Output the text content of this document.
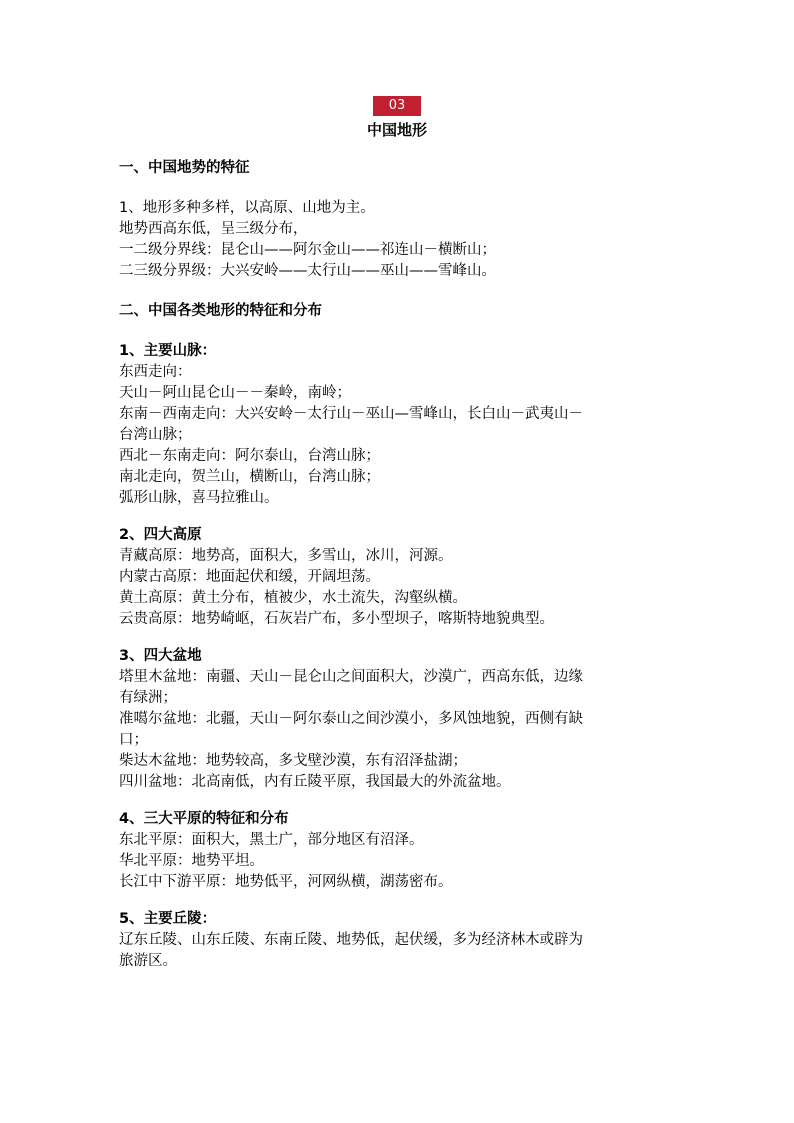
03
中国地形

一、中国地势的特征

1、地形多种多样，以高原、山地为主。

地势西高东低，呈三级分布，

一二级分界线：昆仑山——阿尔金山——祁连山－横断山；

二三级分界级：大兴安岭——太行山——巫山——雪峰山。

二、中国各类地形的特征和分布

1、主要山脉：

东西走向：

天山－阿山昆仑山－－秦岭，南岭；

东南－西南走向：大兴安岭－太行山－巫山—雪峰山，长白山－武夷山－

台湾山脉；

西北－东南走向：阿尔泰山，台湾山脉；

南北走向，贺兰山，横断山，台湾山脉；

弧形山脉，喜马拉雅山。

2、四大高原

青藏高原：地势高，面积大，多雪山，冰川，河源。

内蒙古高原：地面起伏和缓，开阔坦荡。

黄土高原：黄土分布，植被少，水土流失，沟壑纵横。

云贵高原：地势崎岖，石灰岩广布，多小型坝子，喀斯特地貌典型。

3、四大盆地

塔里木盆地：南疆、天山－昆仑山之间面积大，沙漠广，西高东低，边缘

有绿洲；

准噶尔盆地：北疆，天山－阿尔泰山之间沙漠小，多风蚀地貌，西侧有缺

口；

柴达木盆地：地势较高，多戈壁沙漠，东有沼泽盐湖；

四川盆地：北高南低，内有丘陵平原，我国最大的外流盆地。

4、三大平原的特征和分布

东北平原：面积大，黑土广，部分地区有沼泽。

华北平原：地势平坦。

长江中下游平原：地势低平，河网纵横，湖荡密布。

5、主要丘陵：

辽东丘陵、山东丘陵、东南丘陵、地势低，起伏缓，多为经济林木或辟为

旅游区。
